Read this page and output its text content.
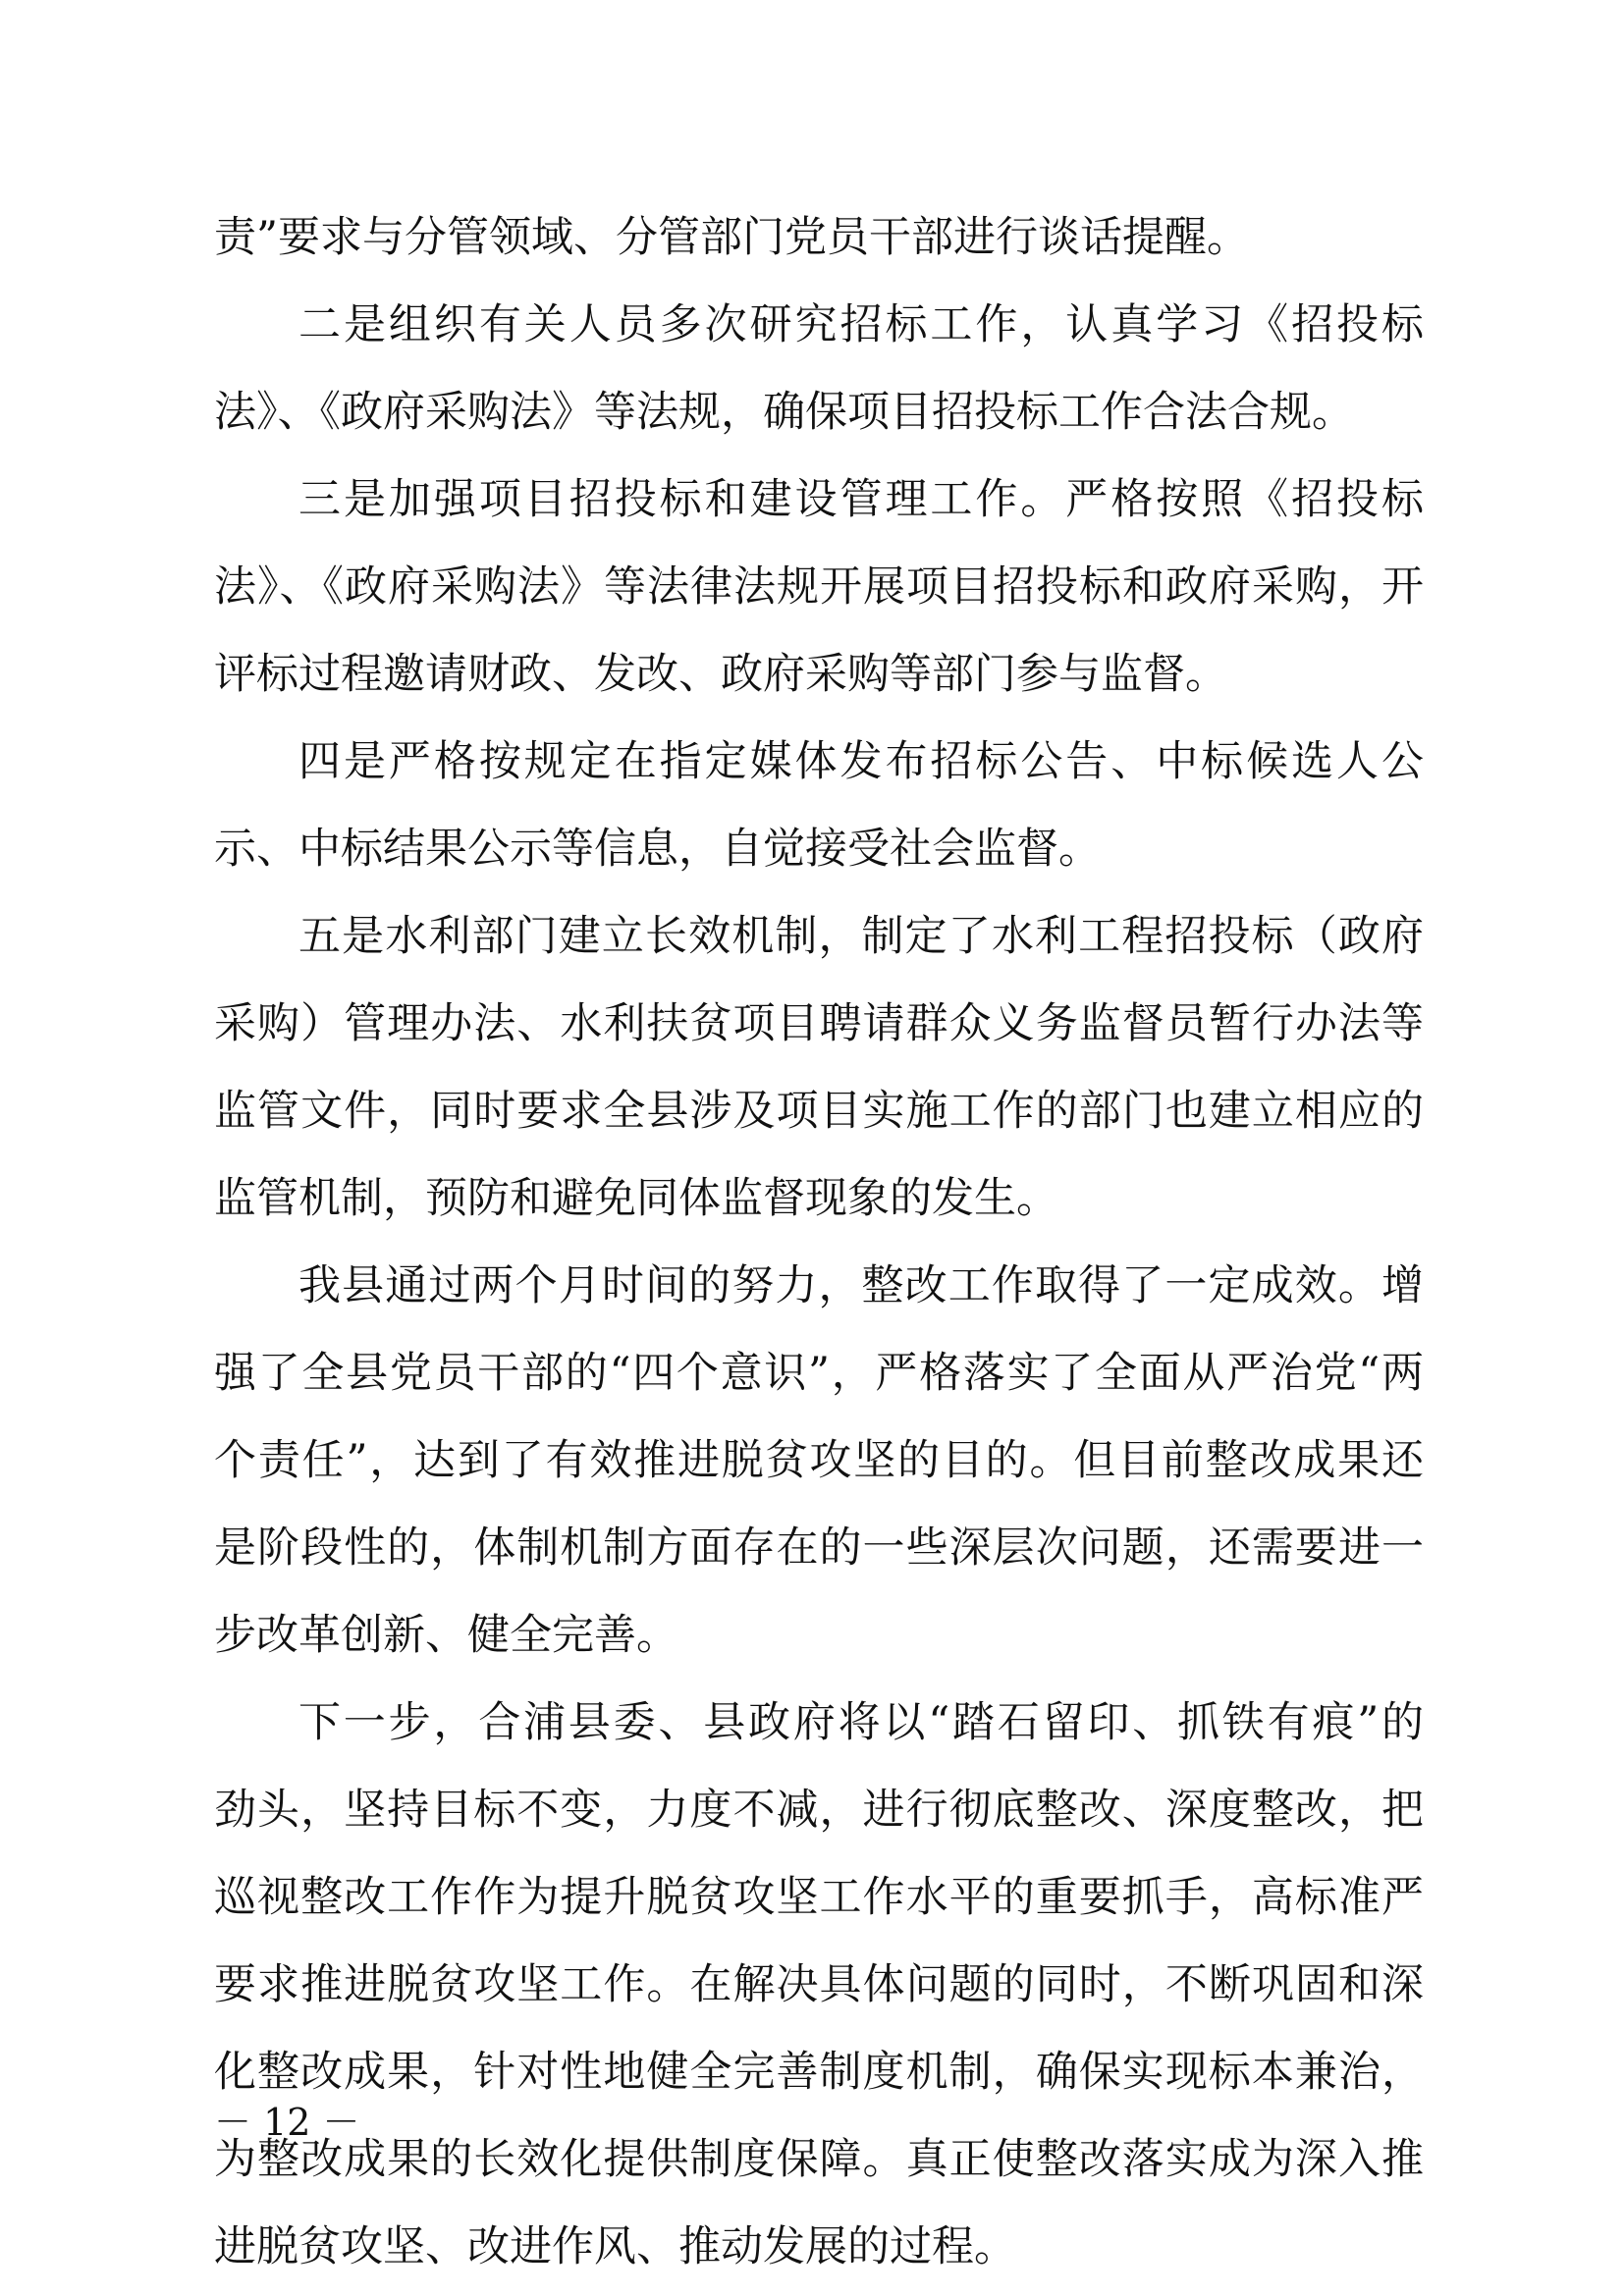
责”要求与分管领域、分管部门党员干部进行谈话提醒。
二是组织有关人员多次研究招标工作，认真学习《招投标
法》、《政府采购法》等法规，确保项目招投标工作合法合规。
三是加强项目招投标和建设管理工作。严格按照《招投标
法》、《政府采购法》等法律法规开展项目招投标和政府采购，开
评标过程邀请财政、发改、政府采购等部门参与监督。
四是严格按规定在指定媒体发布招标公告、中标候选人公
示、中标结果公示等信息，自觉接受社会监督。
五是水利部门建立长效机制，制定了水利工程招投标（政府
采购）管理办法、水利扶贫项目聘请群众义务监督员暂行办法等
监管文件，同时要求全县涉及项目实施工作的部门也建立相应的
监管机制，预防和避免同体监督现象的发生。
我县通过两个月时间的努力，整改工作取得了一定成效。增
强了全县党员干部的“四个意识”，严格落实了全面从严治党“两
个责任”，达到了有效推进脱贫攻坚的目的。但目前整改成果还
是阶段性的，体制机制方面存在的一些深层次问题，还需要进一
步改革创新、健全完善。
下一步，合浦县委、县政府将以“踏石留印、抓铁有痕”的
劲头，坚持目标不变，力度不减，进行彻底整改、深度整改，把
巡视整改工作作为提升脱贫攻坚工作水平的重要抓手，高标准严
要求推进脱贫攻坚工作。在解决具体问题的同时，不断巩固和深
化整改成果，针对性地健全完善制度机制，确保实现标本兼治，
为整改成果的长效化提供制度保障。真正使整改落实成为深入推
进脱贫攻坚、改进作风、推动发展的过程。
－ 12 －
